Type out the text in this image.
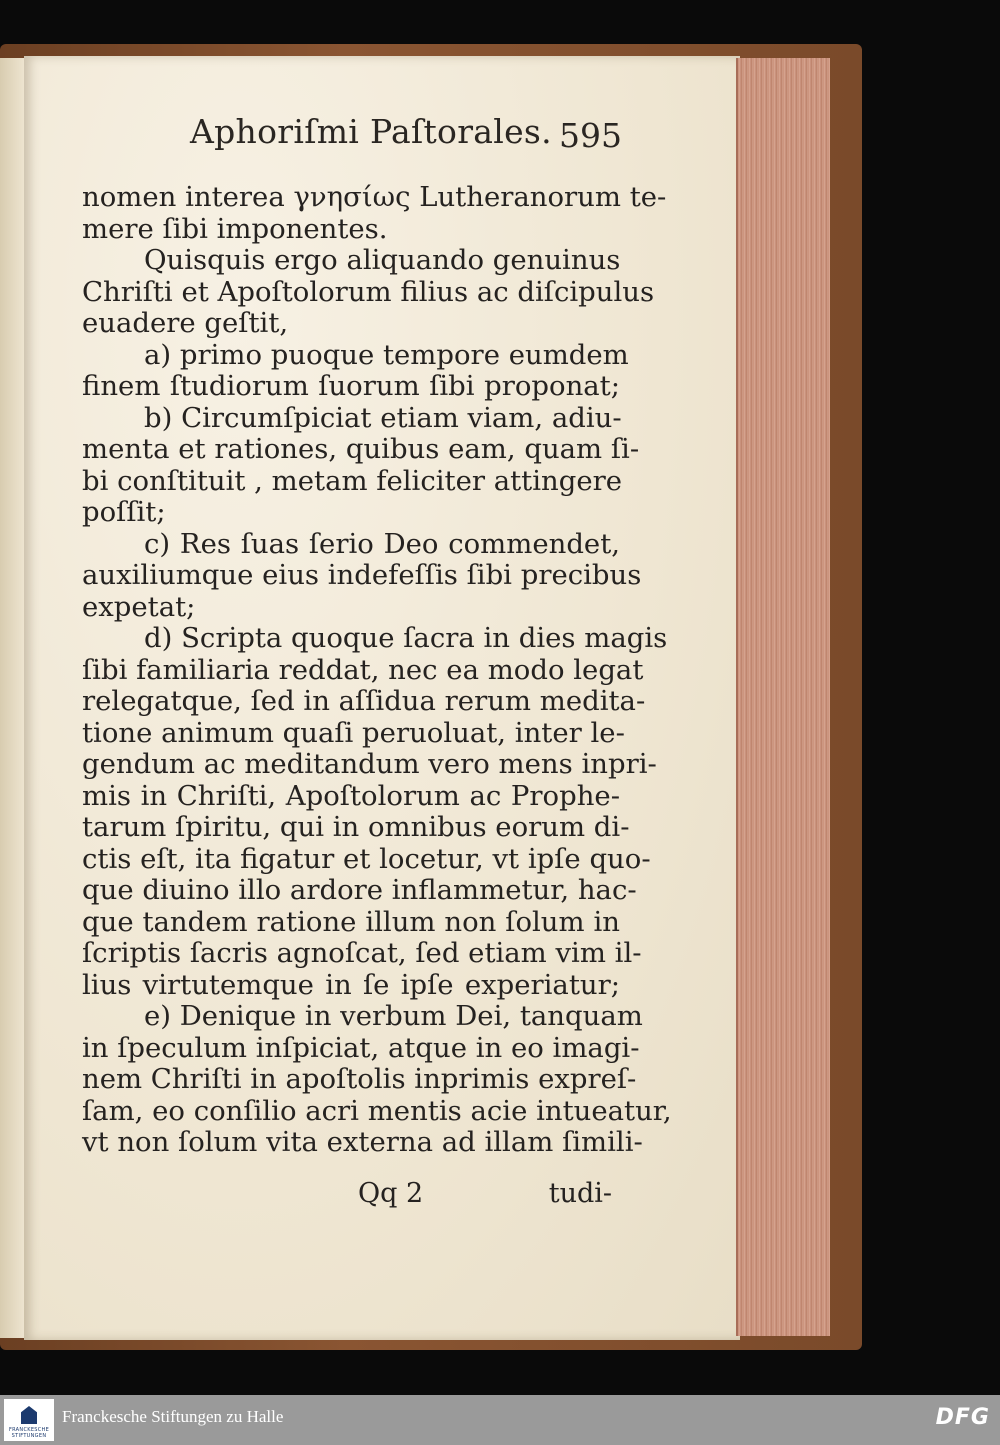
Aphoriſmi Paſtorales. 595
nomen interea γνησίως Lutheranorum te-
mere ſibi imponentes.
Quisquis ergo aliquando genuinus
Chriſti et Apoſtolorum filius ac diſcipulus
euadere geſtit,
a) primo puoque tempore eumdem
finem ſtudiorum ſuorum ſibi proponat;
b) Circumſpiciat etiam viam, adiu-
menta et rationes, quibus eam, quam ſi-
bi conſtituit , metam feliciter attingere
poſſit;
c) Res ſuas ſerio Deo commendet,
auxiliumque eius indefeſſis ſibi precibus
expetat;
d) Scripta quoque ſacra in dies magis
ſibi familiaria reddat, nec ea modo legat
relegatque, ſed in aſſidua rerum medita-
tione animum quaſi peruoluat, inter le-
gendum ac meditandum vero mens inpri-
mis in Chriſti, Apoſtolorum ac Prophe-
tarum ſpiritu, qui in omnibus eorum di-
ctis eſt, ita figatur et locetur, vt ipſe quo-
que diuino illo ardore inflammetur, hac-
que tandem ratione illum non ſolum in
ſcriptis ſacris agnoſcat, ſed etiam vim il-
lius virtutemque in ſe ipſe experiatur;
e) Denique in verbum Dei, tanquam
in ſpeculum inſpiciat, atque in eo imagi-
nem Chriſti in apoſtolis inprimis expreſ-
ſam, eo conſilio acri mentis acie intueatur,
vt non ſolum vita externa ad illam ſimili-
Qq 2	tudi-
FRANCKESCHE STIFTUNGEN
Franckesche Stiftungen zu Halle	DFG
